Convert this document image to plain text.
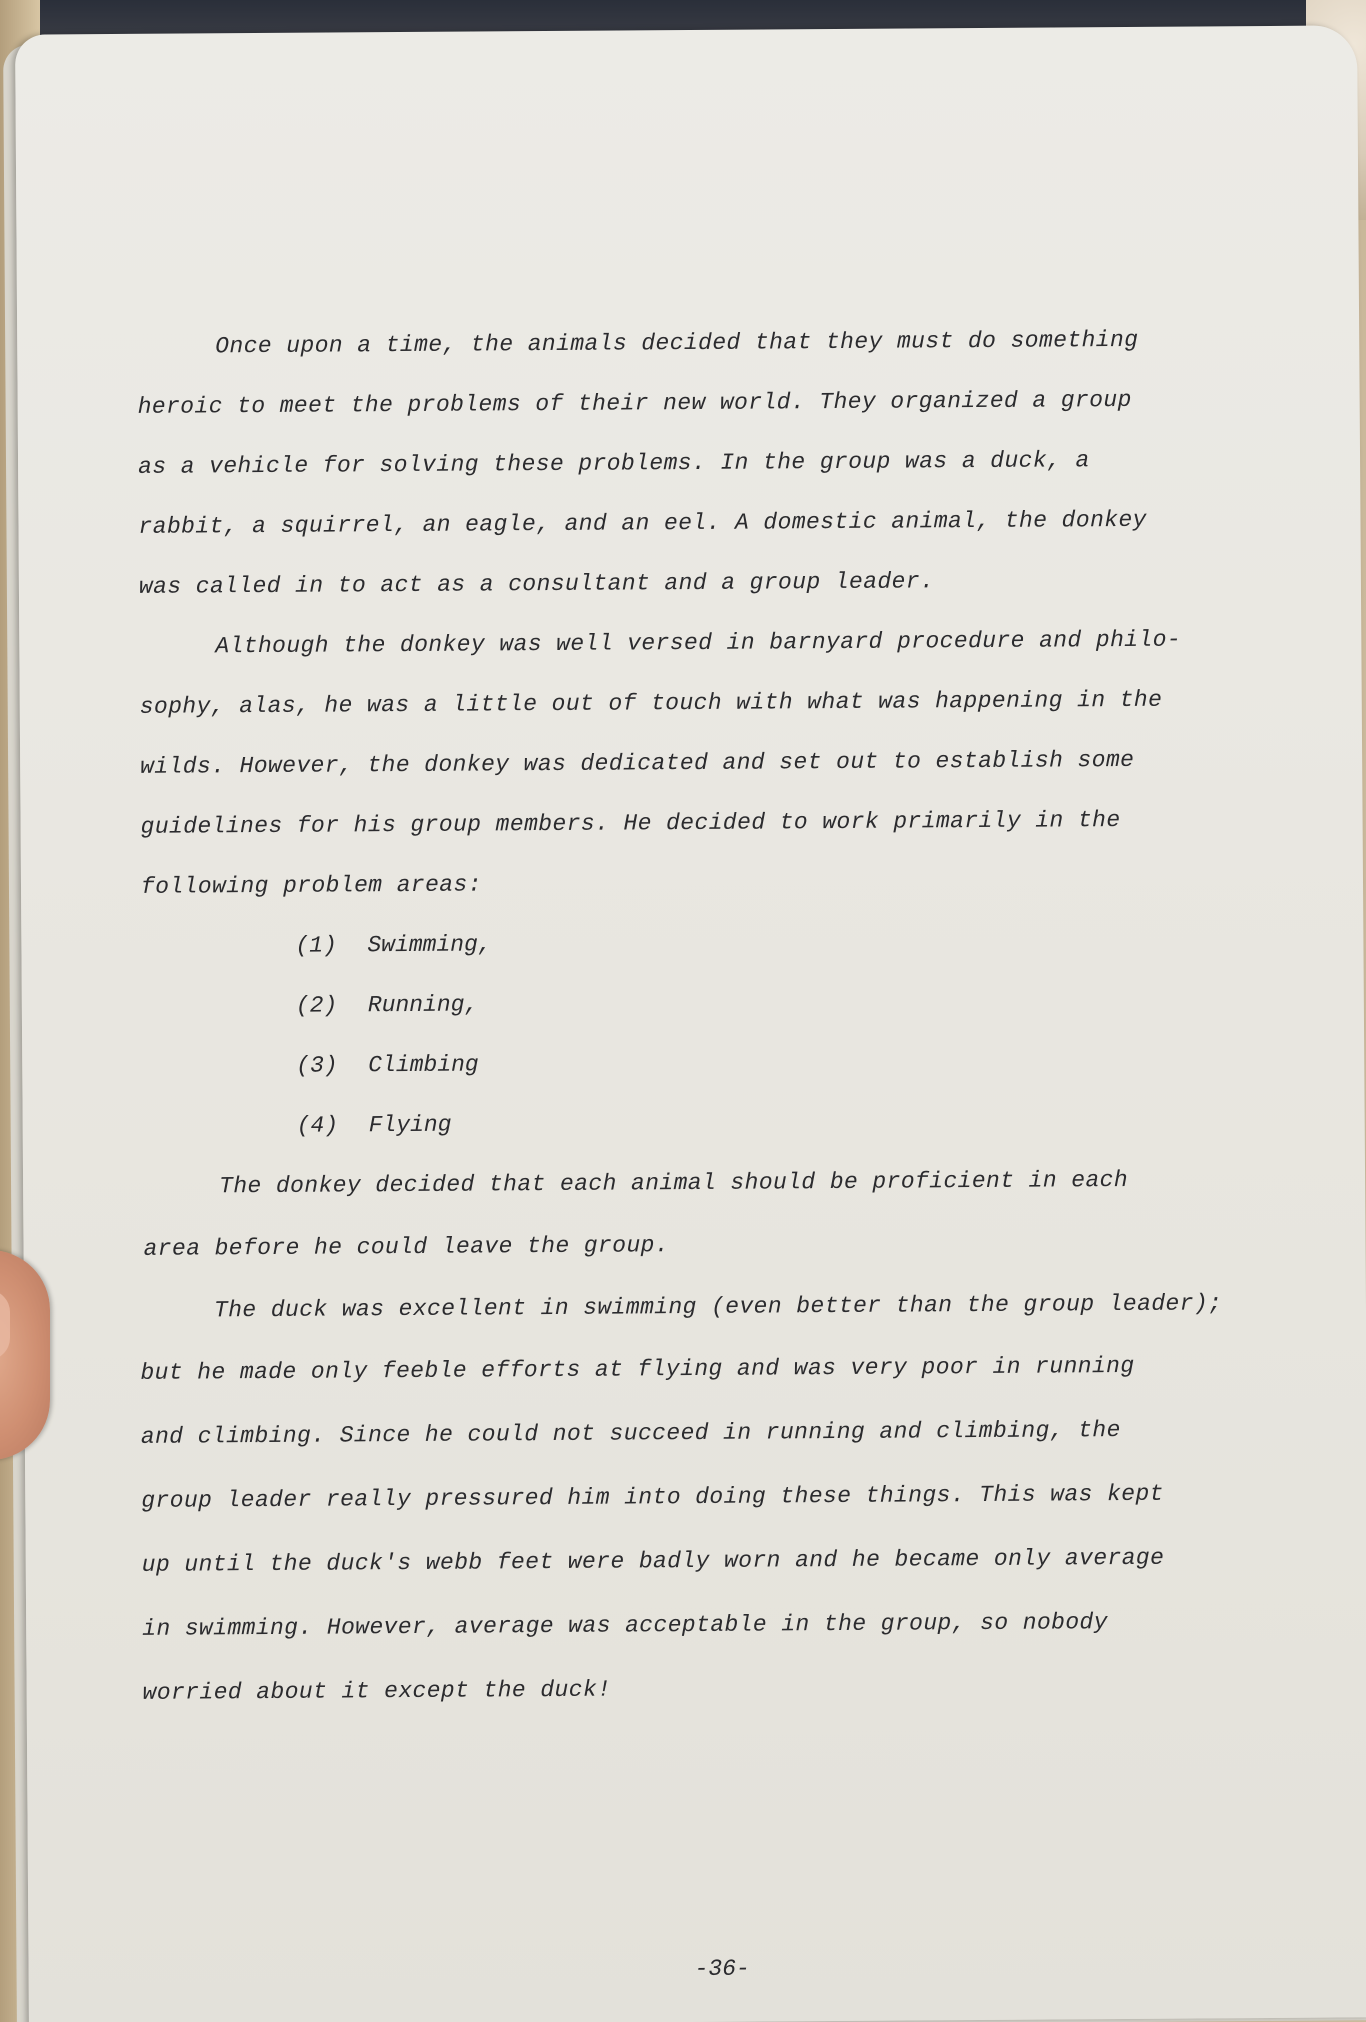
Once upon a time, the animals decided that they must do something
heroic to meet the problems of their new world. They organized a group
as a vehicle for solving these problems. In the group was a duck, a
rabbit, a squirrel, an eagle, and an eel. A domestic animal, the donkey
was called in to act as a consultant and a group leader.
Although the donkey was well versed in barnyard procedure and philo-
sophy, alas, he was a little out of touch with what was happening in the
wilds. However, the donkey was dedicated and set out to establish some
guidelines for his group members. He decided to work primarily in the
following problem areas:
(1) Swimming,
(2) Running,
(3) Climbing
(4) Flying
The donkey decided that each animal should be proficient in each
area before he could leave the group.
The duck was excellent in swimming (even better than the group leader);
but he made only feeble efforts at flying and was very poor in running
and climbing. Since he could not succeed in running and climbing, the
group leader really pressured him into doing these things. This was kept
up until the duck's webb feet were badly worn and he became only average
in swimming. However, average was acceptable in the group, so nobody
worried about it except the duck!
-36-
